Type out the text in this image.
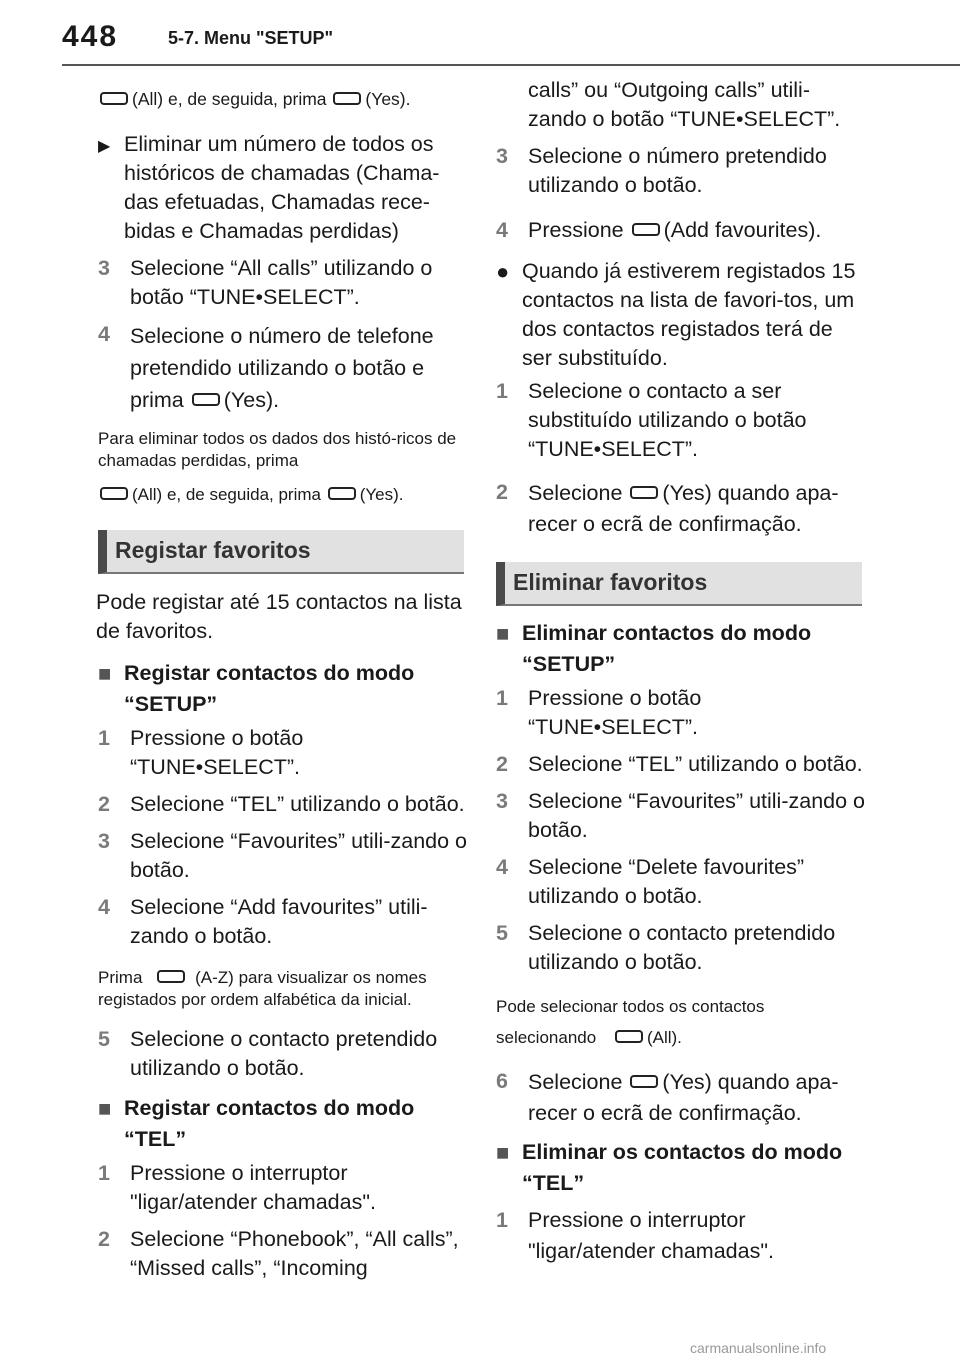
448	5-7. Menu "SETUP"

(All) e, de seguida, prima (Yes).

▶ Eliminar um número de todos os históricos de chamadas (Chama-das efetuadas, Chamadas rece-bidas e Chamadas perdidas)
3 Selecione “All calls” utilizando o botão “TUNE•SELECT”.
4 Selecione o número de telefone pretendido utilizando o botão e prima (Yes).

Para eliminar todos os dados dos histó-ricos de chamadas perdidas, prima
(All) e, de seguida, prima (Yes).

Registar favoritos

Pode registar até 15 contactos na lista de favoritos.

■ Registar contactos do modo “SETUP”
1 Pressione o botão “TUNE•SELECT”.
2 Selecione “TEL” utilizando o botão.
3 Selecione “Favourites” utili-zando o botão.
4 Selecione “Add favourites” utili-zando o botão.

Prima	(A-Z) para visualizar os nomes registados por ordem alfabética da inicial.

5 Selecione o contacto pretendido utilizando o botão.
■ Registar contactos do modo “TEL”
1 Pressione o interruptor "ligar/atender chamadas".
2 Selecione “Phonebook”, “All calls”, “Missed calls”, “Incoming
calls” ou “Outgoing calls” utili-zando o botão “TUNE•SELECT”.
3 Selecione o número pretendido utilizando o botão.
4 Pressione (Add favourites).
● Quando já estiverem registados 15 contactos na lista de favori-tos, um dos contactos registados terá de ser substituído.
1 Selecione o contacto a ser substituído utilizando o botão “TUNE•SELECT”.
2 Selecione (Yes) quando apa-recer o ecrã de confirmação.
Eliminar favoritos
■ Eliminar contactos do modo “SETUP”
1 Pressione o botão “TUNE•SELECT”.
2 Selecione “TEL” utilizando o botão.
3 Selecione “Favourites” utili-zando o botão.
4 Selecione “Delete favourites” utilizando o botão.
5 Selecione o contacto pretendido utilizando o botão.

Pode selecionar todos os contactos selecionando	(All).

6 Selecione (Yes) quando apa-recer o ecrã de confirmação.
■ Eliminar os contactos do modo “TEL”
1 Pressione o interruptor "ligar/atender chamadas".
carmanualsonline.info
